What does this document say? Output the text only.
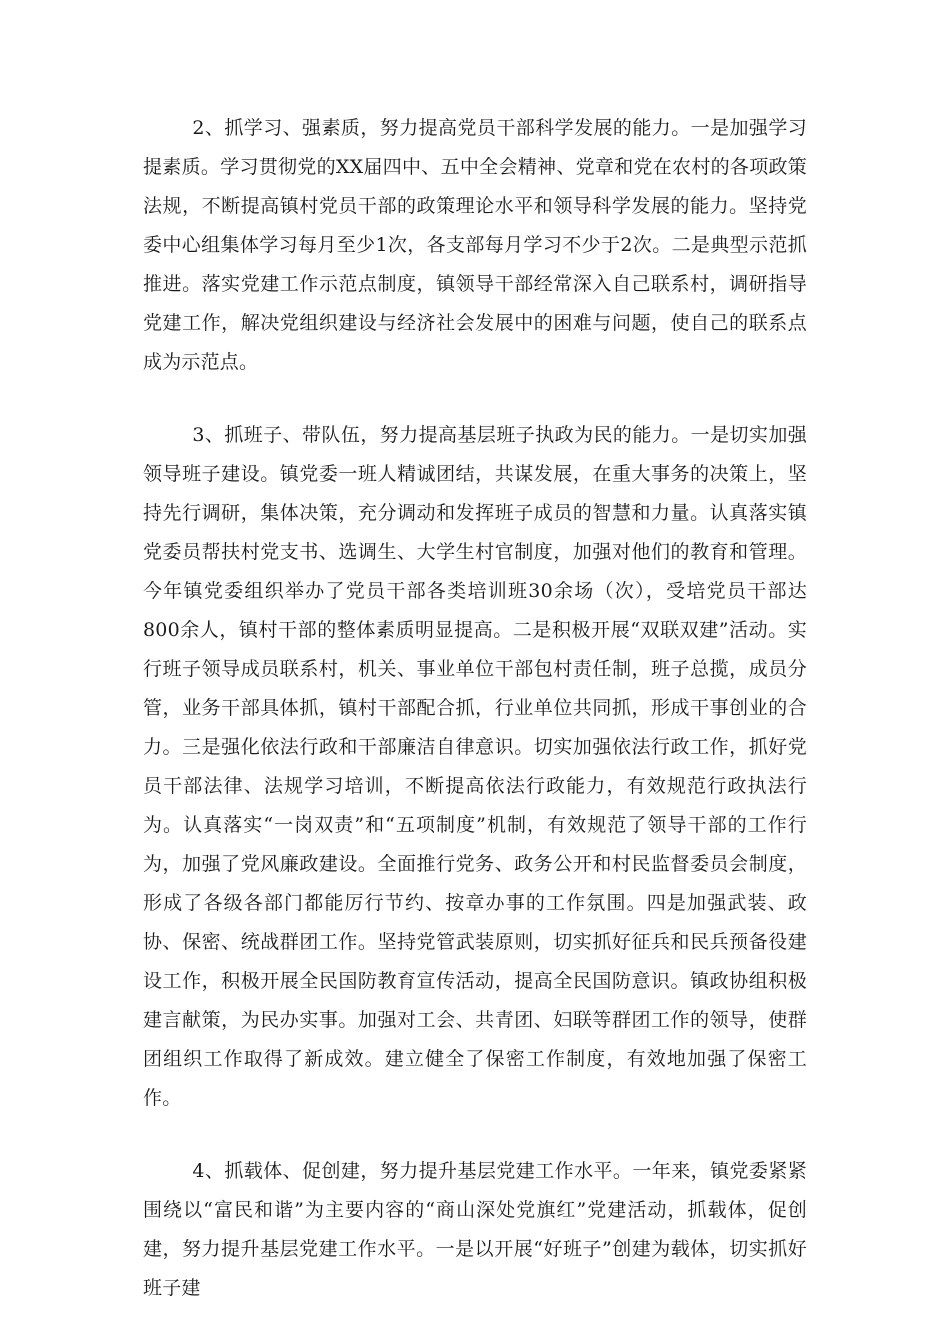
2、抓学习、强素质，努力提高党员干部科学发展的能力。一是加强学习提素质。学习贯彻党的XX届四中、五中全会精神、党章和党在农村的各项政策法规，不断提高镇村党员干部的政策理论水平和领导科学发展的能力。坚持党委中心组集体学习每月至少1次，各支部每月学习不少于2次。二是典型示范抓推进。落实党建工作示范点制度，镇领导干部经常深入自己联系村，调研指导党建工作，解决党组织建设与经济社会发展中的困难与问题，使自己的联系点成为示范点。

3、抓班子、带队伍，努力提高基层班子执政为民的能力。一是切实加强领导班子建设。镇党委一班人精诚团结，共谋发展，在重大事务的决策上，坚持先行调研，集体决策，充分调动和发挥班子成员的智慧和力量。认真落实镇党委员帮扶村党支书、选调生、大学生村官制度，加强对他们的教育和管理。今年镇党委组织举办了党员干部各类培训班30余场（次），受培党员干部达800余人，镇村干部的整体素质明显提高。二是积极开展“双联双建”活动。实行班子领导成员联系村，机关、事业单位干部包村责任制，班子总揽，成员分管，业务干部具体抓，镇村干部配合抓，行业单位共同抓，形成干事创业的合力。三是强化依法行政和干部廉洁自律意识。切实加强依法行政工作，抓好党员干部法律、法规学习培训，不断提高依法行政能力，有效规范行政执法行为。认真落实“一岗双责”和“五项制度”机制，有效规范了领导干部的工作行为，加强了党风廉政建设。全面推行党务、政务公开和村民监督委员会制度，形成了各级各部门都能厉行节约、按章办事的工作氛围。四是加强武装、政协、保密、统战群团工作。坚持党管武装原则，切实抓好征兵和民兵预备役建设工作，积极开展全民国防教育宣传活动，提高全民国防意识。镇政协组积极建言献策，为民办实事。加强对工会、共青团、妇联等群团工作的领导，使群团组织工作取得了新成效。建立健全了保密工作制度，有效地加强了保密工作。

4、抓载体、促创建，努力提升基层党建工作水平。一年来，镇党委紧紧围绕以“富民和谐”为主要内容的“商山深处党旗红”党建活动，抓载体，促创建，努力提升基层党建工作水平。一是以开展“好班子”创建为载体，切实抓好班子建
